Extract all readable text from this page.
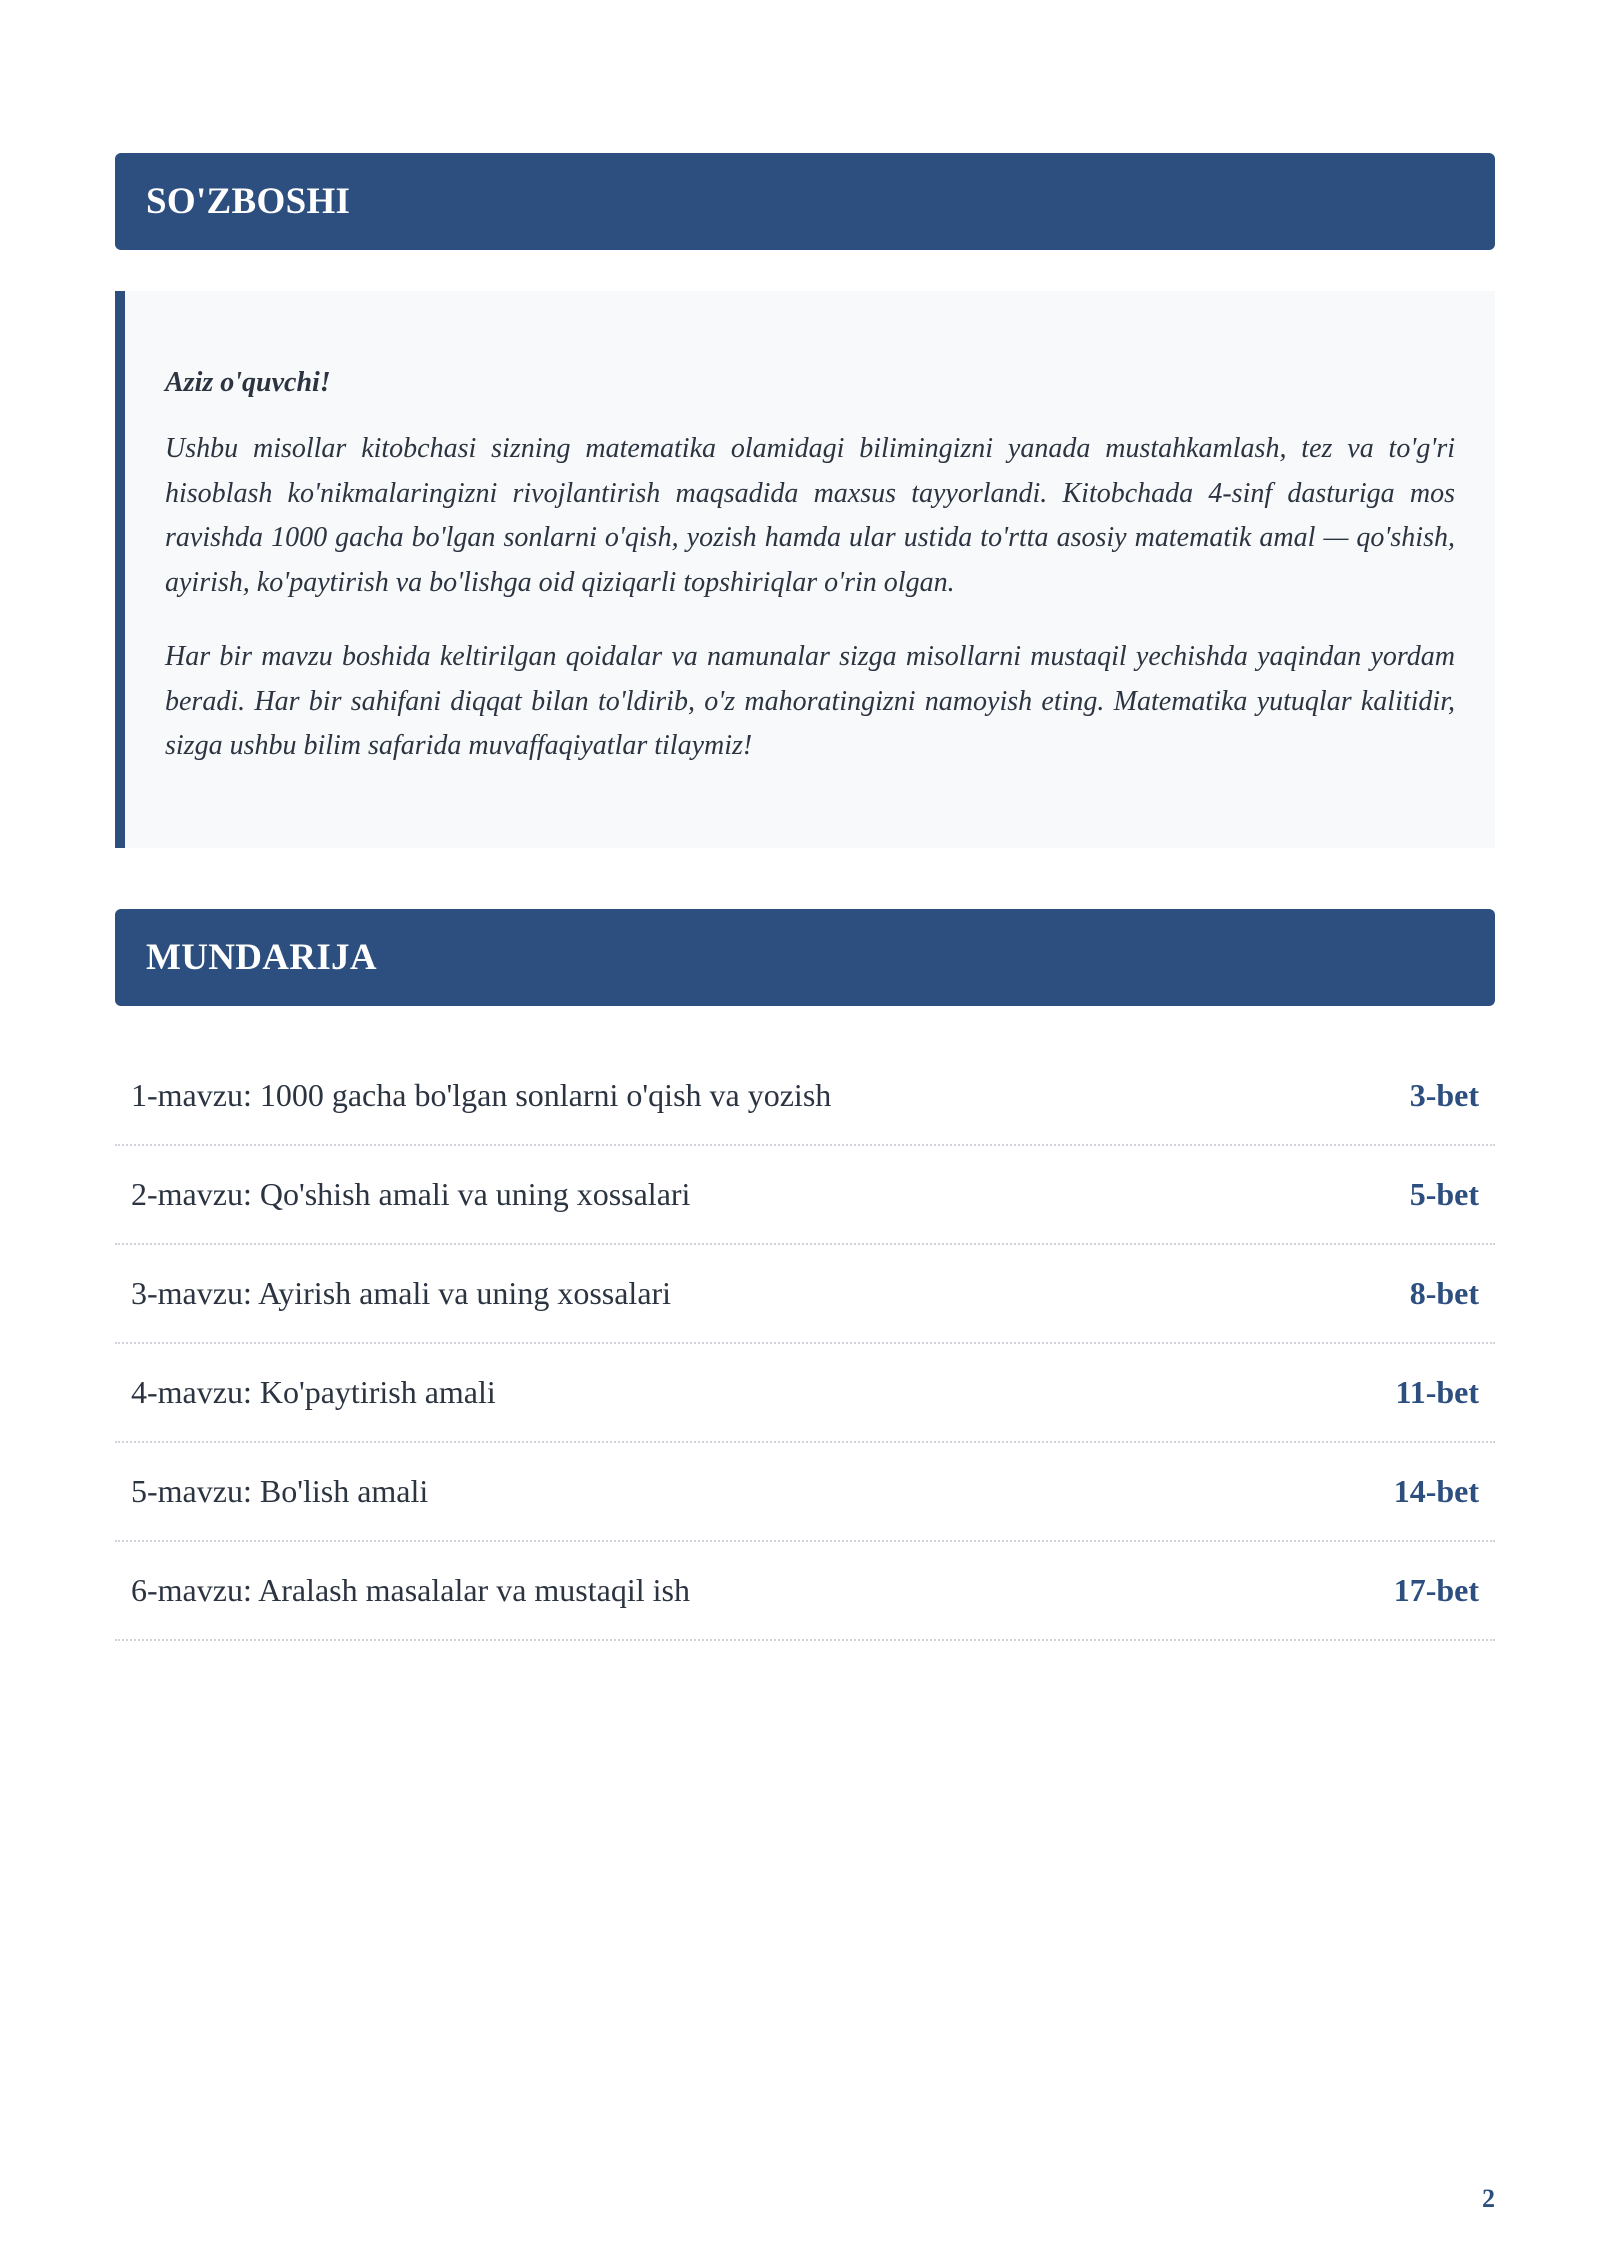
SO'ZBOSHI

Aziz o'quvchi!

Ushbu misollar kitobchasi sizning matematika olamidagi bilimingizni yanada mustahkamlash, tez va to'g'ri hisoblash ko'nikmalaringizni rivojlantirish maqsadida maxsus tayyorlandi. Kitobchada 4-sinf dasturiga mos ravishda 1000 gacha bo'lgan sonlarni o'qish, yozish hamda ular ustida to'rtta asosiy matematik amal — qo'shish, ayirish, ko'paytirish va bo'lishga oid qiziqarli topshiriqlar o'rin olgan.

Har bir mavzu boshida keltirilgan qoidalar va namunalar sizga misollarni mustaqil yechishda yaqindan yordam beradi. Har bir sahifani diqqat bilan to'ldirib, o'z mahoratingizni namoyish eting. Matematika yutuqlar kalitidir, sizga ushbu bilim safarida muvaffaqiyatlar tilaymiz!

MUNDARIJA
1-mavzu: 1000 gacha bo'lgan sonlarni o'qish va yozish	3-bet
2-mavzu: Qo'shish amali va uning xossalari	5-bet
3-mavzu: Ayirish amali va uning xossalari	8-bet
4-mavzu: Ko'paytirish amali	11-bet
5-mavzu: Bo'lish amali	14-bet
6-mavzu: Aralash masalalar va mustaqil ish	17-bet
2
